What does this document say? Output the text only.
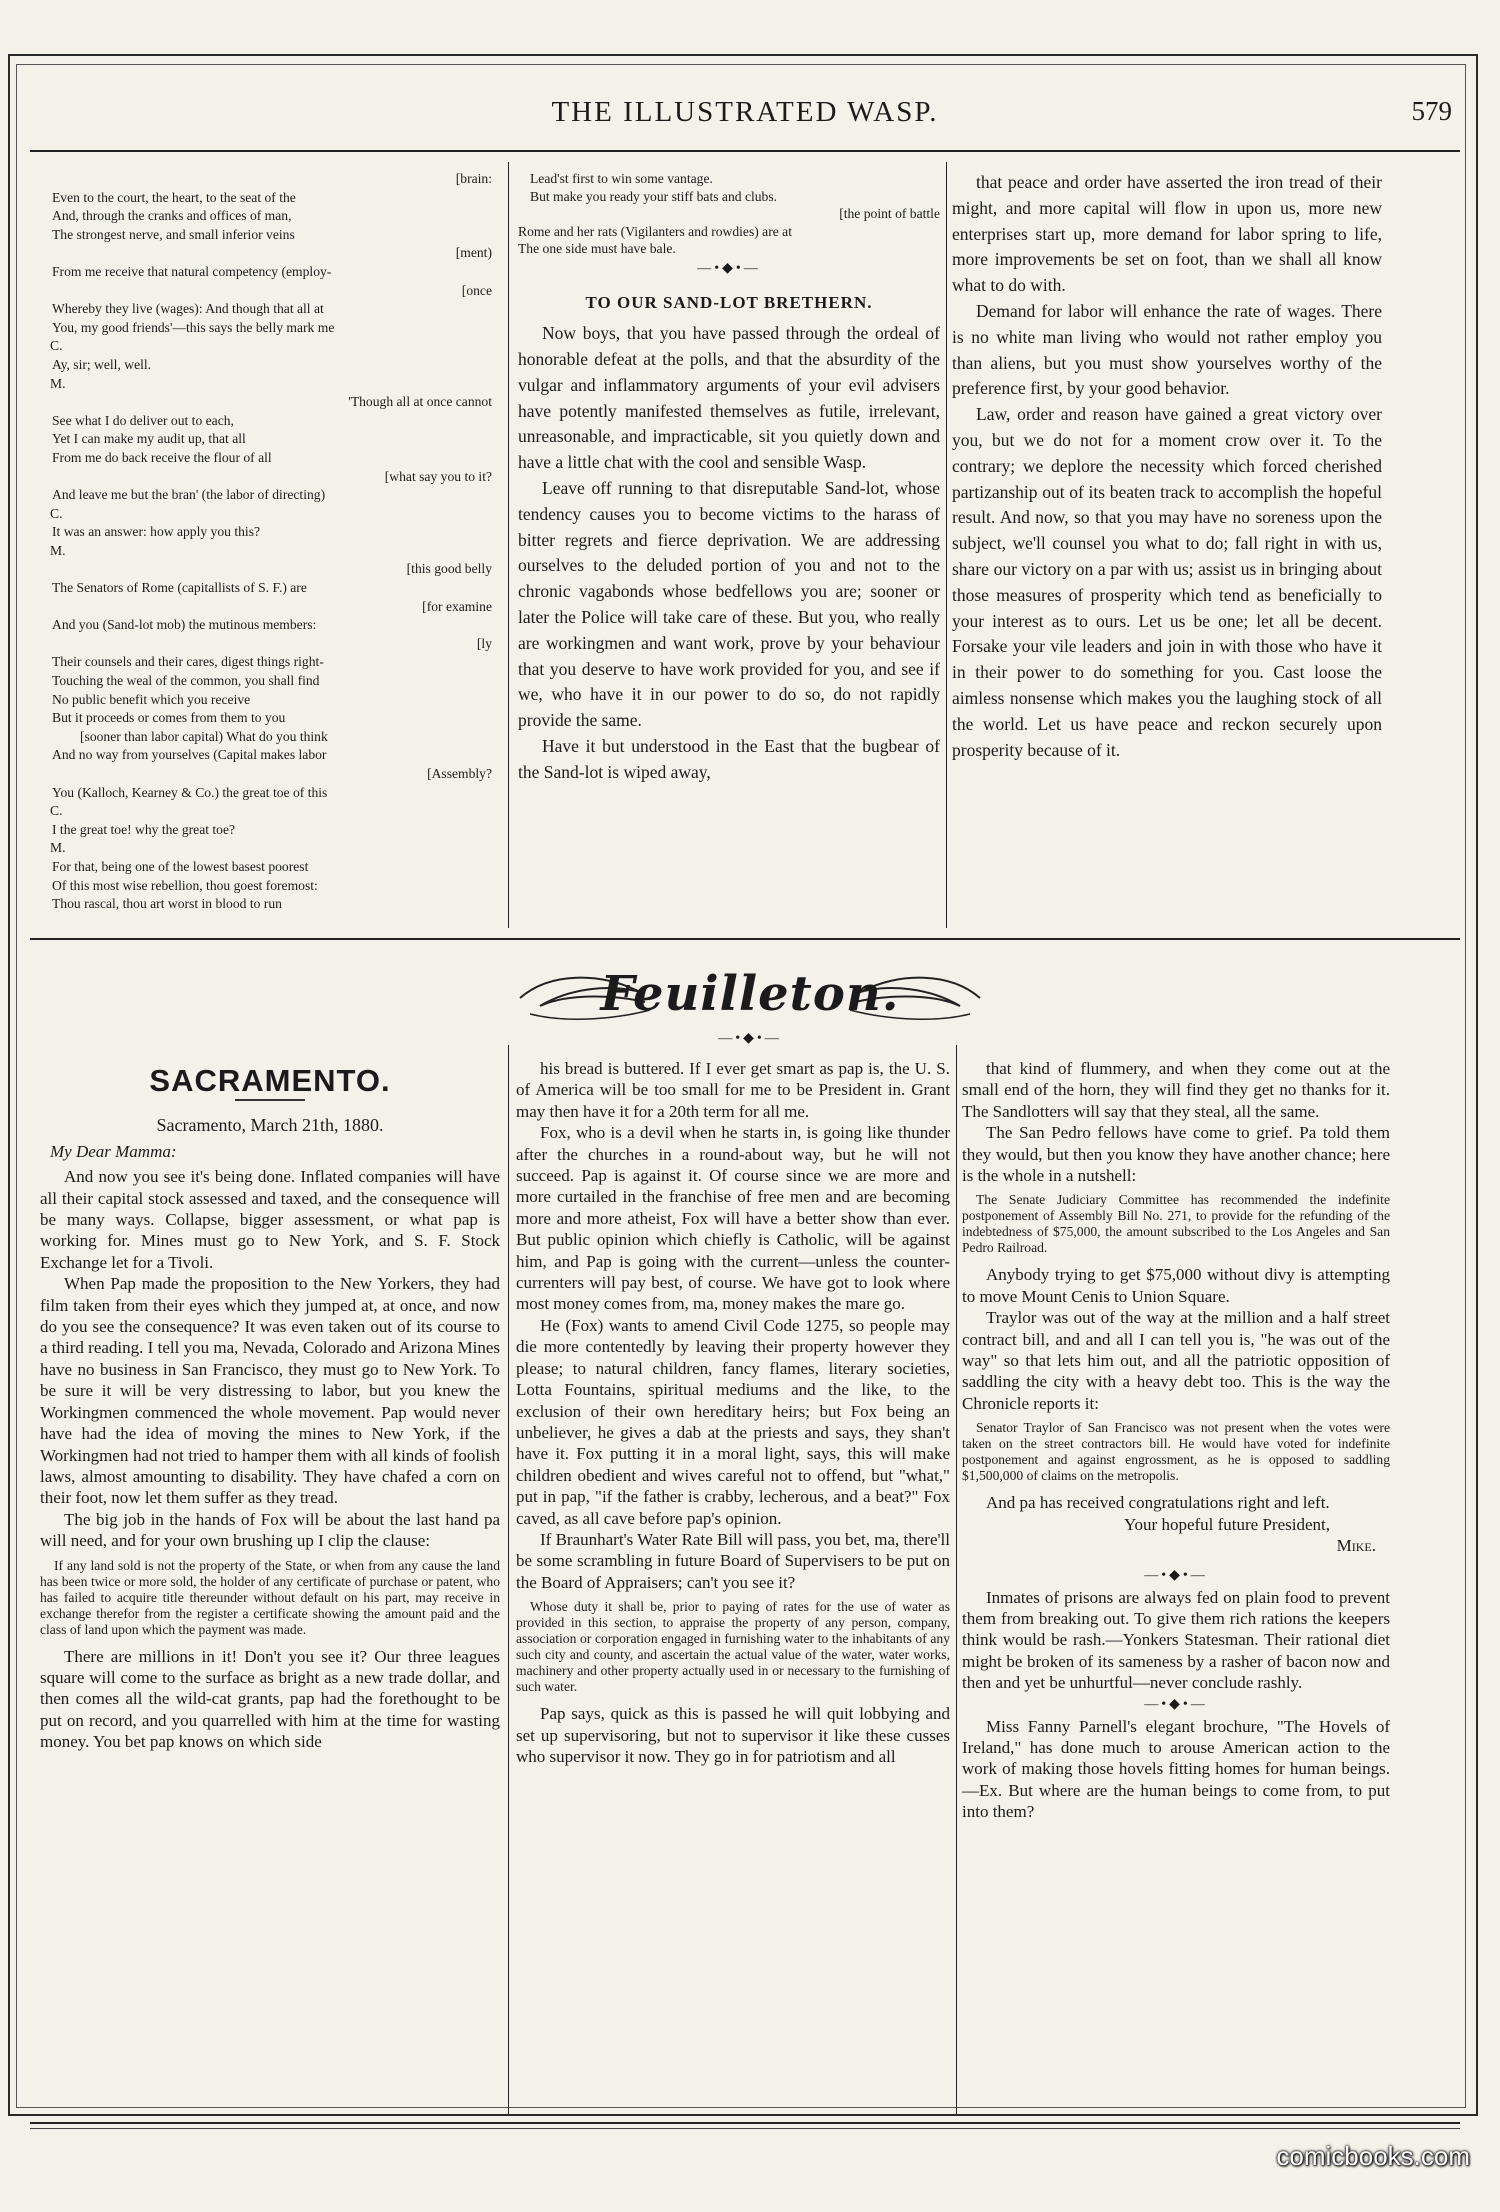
THE ILLUSTRATED WASP.	579
[brain:
Even to the court, the heart, to the seat of the
And, through the cranks and offices of man,
The strongest nerve, and small inferior veins
[ment)
From me receive that natural competency (employ-
[once
Whereby they live (wages): And though that all at
You, my good friends'—this says the belly mark me
C.
Ay, sir; well, well.
M.
'Though all at once cannot
See what I do deliver out to each,
Yet I can make my audit up, that all
From me do back receive the flour of all
[what say you to it?
And leave me but the bran' (the labor of directing)
C.
It was an answer: how apply you this?
M.
[this good belly
The Senators of Rome (capitallists of S. F.) are
[for examine
And you (Sand-lot mob) the mutinous members:
[ly
Their counsels and their cares, digest things right-
Touching the weal of the common, you shall find
No public benefit which you receive
But it proceeds or comes from them to you
[sooner than labor capital) What do you think
And no way from yourselves (Capital makes labor
[Assembly?
You (Kalloch, Kearney & Co.) the great toe of this
C.
I the great toe! why the great toe?
M.
For that, being one of the lowest basest poorest
Of this most wise rebellion, thou goest foremost:
Thou rascal, thou art worst in blood to run
Lead'st first to win some vantage.
But make you ready your stiff bats and clubs.
[the point of battle
Rome and her rats (Vigilanters and rowdies) are at
The one side must have bale.
—•◆•—
TO OUR SAND-LOT BRETHERN.

Now boys, that you have passed through the ordeal of honorable defeat at the polls, and that the absurdity of the vulgar and inflammatory arguments of your evil advisers have potently manifested themselves as futile, irrelevant, unreasonable, and impracticable, sit you quietly down and have a little chat with the cool and sensible Wasp.

Leave off running to that disreputable Sand-lot, whose tendency causes you to become victims to the harass of bitter regrets and fierce deprivation. We are addressing ourselves to the deluded portion of you and not to the chronic vagabonds whose bedfellows you are; sooner or later the Police will take care of these. But you, who really are workingmen and want work, prove by your behaviour that you deserve to have work provided for you, and see if we, who have it in our power to do so, do not rapidly provide the same.

Have it but understood in the East that the bugbear of the Sand-lot is wiped away,

that peace and order have asserted the iron tread of their might, and more capital will flow in upon us, more new enterprises start up, more demand for labor spring to life, more improvements be set on foot, than we shall all know what to do with.

Demand for labor will enhance the rate of wages. There is no white man living who would not rather employ you than aliens, but you must show yourselves worthy of the preference first, by your good behavior.

Law, order and reason have gained a great victory over you, but we do not for a moment crow over it. To the contrary; we deplore the necessity which forced cherished partizanship out of its beaten track to accomplish the hopeful result. And now, so that you may have no soreness upon the subject, we'll counsel you what to do; fall right in with us, share our victory on a par with us; assist us in bringing about those measures of prosperity which tend as beneficially to your interest as to ours. Let us be one; let all be decent. Forsake your vile leaders and join in with those who have it in their power to do something for you. Cast loose the aimless nonsense which makes you the laughing stock of all the world. Let us have peace and reckon securely upon prosperity because of it.

Feuilleton.
—•◆•—
SACRAMENTO.
Sacramento, March 21th, 1880.
My Dear Mamma:

And now you see it's being done. Inflated companies will have all their capital stock assessed and taxed, and the consequence will be many ways. Collapse, bigger assessment, or what pap is working for. Mines must go to New York, and S. F. Stock Exchange let for a Tivoli.

When Pap made the proposition to the New Yorkers, they had film taken from their eyes which they jumped at, at once, and now do you see the consequence? It was even taken out of its course to a third reading. I tell you ma, Nevada, Colorado and Arizona Mines have no business in San Francisco, they must go to New York. To be sure it will be very distressing to labor, but you knew the Workingmen commenced the whole movement. Pap would never have had the idea of moving the mines to New York, if the Workingmen had not tried to hamper them with all kinds of foolish laws, almost amounting to disability. They have chafed a corn on their foot, now let them suffer as they tread.

The big job in the hands of Fox will be about the last hand pa will need, and for your own brushing up I clip the clause:

If any land sold is not the property of the State, or when from any cause the land has been twice or more sold, the holder of any certificate of purchase or patent, who has failed to acquire title thereunder without default on his part, may receive in exchange therefor from the register a certificate showing the amount paid and the class of land upon which the payment was made.

There are millions in it! Don't you see it? Our three leagues square will come to the surface as bright as a new trade dollar, and then comes all the wild-cat grants, pap had the forethought to be put on record, and you quarrelled with him at the time for wasting money. You bet pap knows on which side

his bread is buttered. If I ever get smart as pap is, the U. S. of America will be too small for me to be President in. Grant may then have it for a 20th term for all me.

Fox, who is a devil when he starts in, is going like thunder after the churches in a round-about way, but he will not succeed. Pap is against it. Of course since we are more and more curtailed in the franchise of free men and are becoming more and more atheist, Fox will have a better show than ever. But public opinion which chiefly is Catholic, will be against him, and Pap is going with the current—unless the counter-currenters will pay best, of course. We have got to look where most money comes from, ma, money makes the mare go.

He (Fox) wants to amend Civil Code 1275, so people may die more contentedly by leaving their property however they please; to natural children, fancy flames, literary societies, Lotta Fountains, spiritual mediums and the like, to the exclusion of their own hereditary heirs; but Fox being an unbeliever, he gives a dab at the priests and says, they shan't have it. Fox putting it in a moral light, says, this will make children obedient and wives careful not to offend, but "what," put in pap, "if the father is crabby, lecherous, and a beat?" Fox caved, as all cave before pap's opinion.

If Braunhart's Water Rate Bill will pass, you bet, ma, there'll be some scrambling in future Board of Supervisers to be put on the Board of Appraisers; can't you see it?

Whose duty it shall be, prior to paying of rates for the use of water as provided in this section, to appraise the property of any person, company, association or corporation engaged in furnishing water to the inhabitants of any such city and county, and ascertain the actual value of the water, water works, machinery and other property actually used in or necessary to the furnishing of such water.

Pap says, quick as this is passed he will quit lobbying and set up supervisoring, but not to supervisor it like these cusses who supervisor it now. They go in for patriotism and all

that kind of flummery, and when they come out at the small end of the horn, they will find they get no thanks for it. The Sandlotters will say that they steal, all the same.

The San Pedro fellows have come to grief. Pa told them they would, but then you know they have another chance; here is the whole in a nutshell:

The Senate Judiciary Committee has recommended the indefinite postponement of Assembly Bill No. 271, to provide for the refunding of the indebtedness of $75,000, the amount subscribed to the Los Angeles and San Pedro Railroad.

Anybody trying to get $75,000 without divy is attempting to move Mount Cenis to Union Square.

Traylor was out of the way at the million and a half street contract bill, and and all I can tell you is, "he was out of the way" so that lets him out, and all the patriotic opposition of saddling the city with a heavy debt too. This is the way the Chronicle reports it:

Senator Traylor of San Francisco was not present when the votes were taken on the street contractors bill. He would have voted for indefinite postponement and against engrossment, as he is opposed to saddling $1,500,000 of claims on the metropolis.

And pa has received congratulations right and left.

Your hopeful future President,
Mike.
—•◆•—

Inmates of prisons are always fed on plain food to prevent them from breaking out. To give them rich rations the keepers think would be rash.—Yonkers Statesman. Their rational diet might be broken of its sameness by a rasher of bacon now and then and yet be unhurtful—never conclude rashly.

—•◆•—

Miss Fanny Parnell's elegant brochure, "The Hovels of Ireland," has done much to arouse American action to the work of making those hovels fitting homes for human beings.—Ex. But where are the human beings to come from, to put into them?

comicbooks.com
